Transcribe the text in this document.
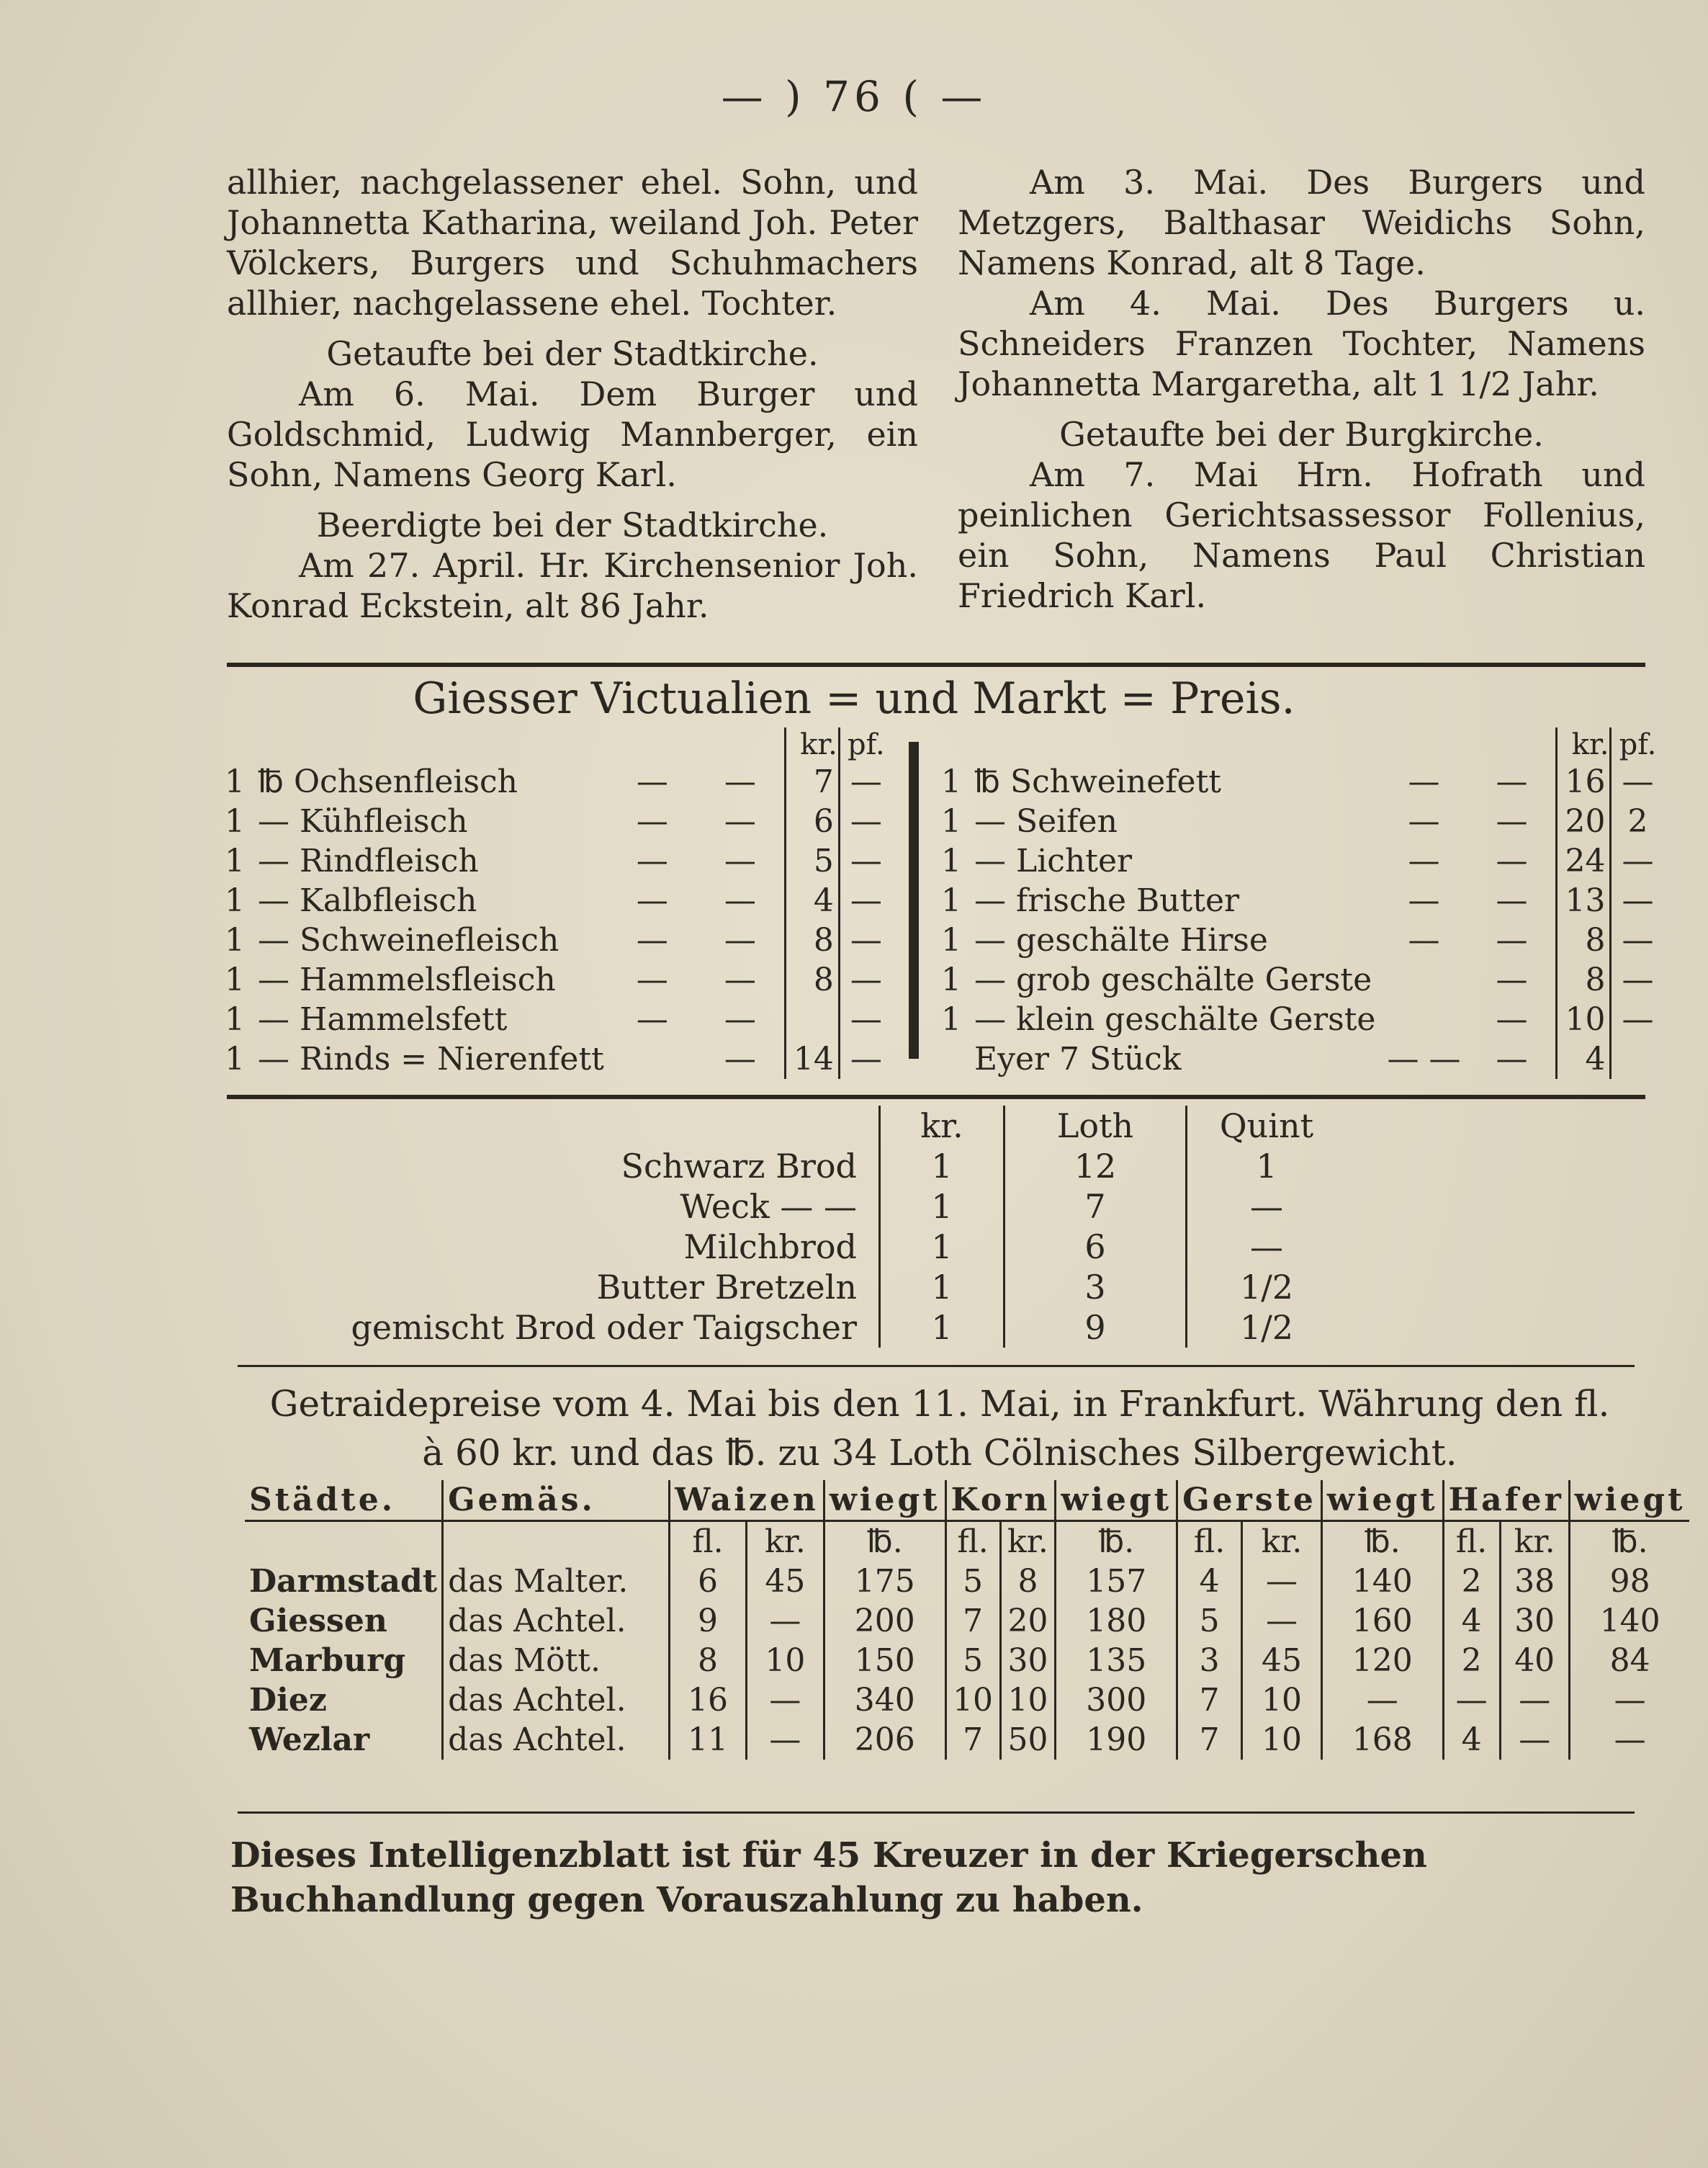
— ) 76 ( —

allhier, nachgelassener ehel. Sohn, und Johannetta Katharina, weiland Joh. Peter Völckers, Burgers und Schuhmachers allhier, nachgelassene ehel. Tochter.

Getaufte bei der Stadtkirche.

Am 6. Mai. Dem Burger und Goldschmid, Ludwig Mannberger, ein Sohn, Namens Georg Karl.

Beerdigte bei der Stadtkirche.

Am 27. April. Hr. Kirchensenior Joh. Konrad Eckstein, alt 86 Jahr.

Am 3. Mai. Des Burgers und Metzgers, Balthasar Weidichs Sohn, Namens Konrad, alt 8 Tage.

Am 4. Mai. Des Burgers u. Schneiders Franzen Tochter, Namens Johannetta Margaretha, alt 1 1/2 Jahr.

Getaufte bei der Burgkirche.

Am 7. Mai Hrn. Hofrath und peinlichen Gerichtsassessor Follenius, ein Sohn, Namens Paul Christian Friedrich Karl.

Giesser Victualien = und Markt = Preis.
				kr.	pf.
1	℔ Ochsenfleisch	—	—	7	—
1	— Kühfleisch	—	—	6	—
1	— Rindfleisch	—	—	5	—
1	— Kalbfleisch	—	—	4	—
1	— Schweinefleisch	—	—	8	—
1	— Hammelsfleisch	—	—	8	—
1	— Hammelsfett	—	—		—
1	— Rinds = Nierenfett		—	14	—
				kr.	pf.
1	℔ Schweinefett	—	—	16	—
1	— Seifen	—	—	20	2
1	— Lichter	—	—	24	—
1	— frische Butter	—	—	13	—
1	— geschälte Hirse	—	—	8	—
1	— grob geschälte Gerste		—	8	—
1	— klein geschälte Gerste		—	10	—
	Eyer 7 Stück	— —	—	4	
	kr.	Loth	Quint
Schwarz Brod	1	12	1
Weck — —	1	7	—
Milchbrod	1	6	—
Butter Bretzeln	1	3	1/2
gemischt Brod oder Taigscher	1	9	1/2
Getraidepreise vom 4. Mai bis den 11. Mai, in Frankfurt. Währung den fl. à 60 kr. und das ℔. zu 34 Loth Cölnisches Silbergewicht.
Städte.	Gemäs.	Waizen		wiegt	Korn		wiegt	Gerste		wiegt	Hafer		wiegt
		fl.	kr.	℔.	fl.	kr.	℔.	fl.	kr.	℔.	fl.	kr.	℔.
Darmstadt	das Malter.	6	45	175	5	8	157	4	—	140	2	38	98
Giessen	das Achtel.	9	—	200	7	20	180	5	—	160	4	30	140
Marburg	das Mött.	8	10	150	5	30	135	3	45	120	2	40	84
Diez	das Achtel.	16	—	340	10	10	300	7	10	—	—	—	—
Wezlar	das Achtel.	11	—	206	7	50	190	7	10	168	4	—	—
Dieses Intelligenzblatt ist für 45 Kreuzer in der Kriegerschen Buchhandlung gegen Vorauszahlung zu haben.
